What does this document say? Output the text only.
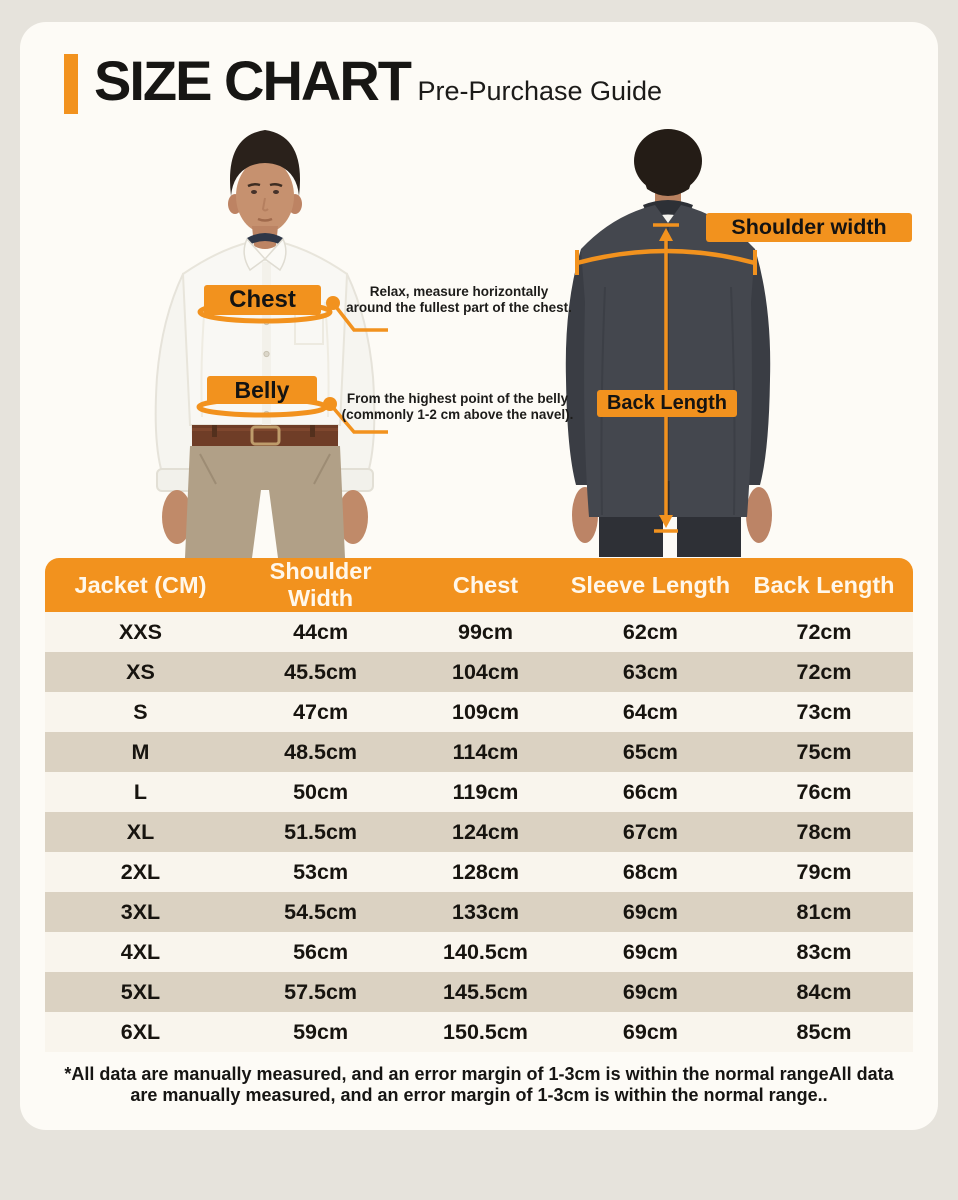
SIZE CHART Pre-Purchase Guide
Chest	Relax, measure horizontally
around the fullest part of the chest.
Belly	From the highest point of the belly
(commonly 1-2 cm above the navel).
Shoulder width
Back Length
Jacket (CM)	Shoulder Width	Chest	Sleeve Length	Back Length
XXS	44cm	99cm	62cm	72cm
XS	45.5cm	104cm	63cm	72cm
S	47cm	109cm	64cm	73cm
M	48.5cm	114cm	65cm	75cm
L	50cm	119cm	66cm	76cm
XL	51.5cm	124cm	67cm	78cm
2XL	53cm	128cm	68cm	79cm
3XL	54.5cm	133cm	69cm	81cm
4XL	56cm	140.5cm	69cm	83cm
5XL	57.5cm	145.5cm	69cm	84cm
6XL	59cm	150.5cm	69cm	85cm
*All data are manually measured, and an error margin of 1-3cm is within the normal rangeAll data
are manually measured, and an error margin of 1-3cm is within the normal range..
